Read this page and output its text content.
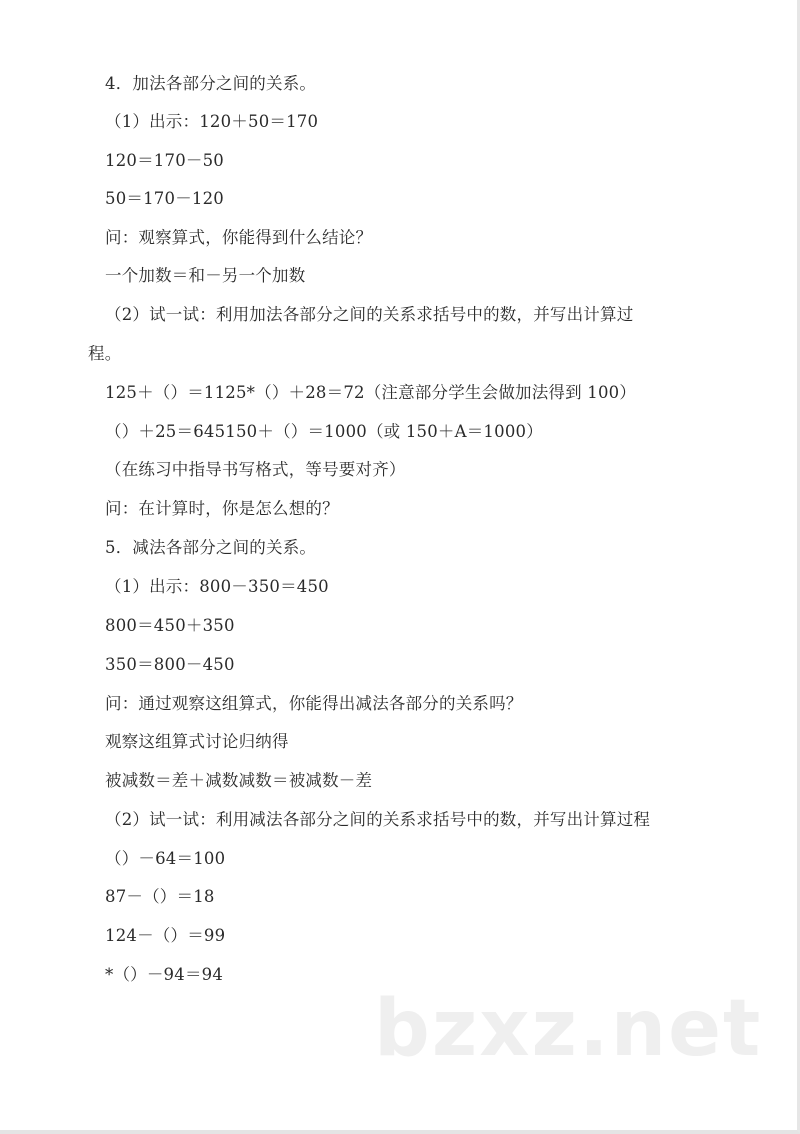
4．加法各部分之间的关系。
（1）出示：120＋50＝170
120＝170－50
50＝170－120
问：观察算式，你能得到什么结论？
一个加数＝和－另一个加数
（2）试一试：利用加法各部分之间的关系求括号中的数，并写出计算过
程。
125＋（）＝1125*（）＋28＝72（注意部分学生会做加法得到 100）
（）＋25＝645150＋（）＝1000（或 150＋A＝1000）
（在练习中指导书写格式，等号要对齐）
问：在计算时，你是怎么想的？
5．减法各部分之间的关系。
（1）出示：800－350＝450
800＝450＋350
350＝800－450
问：通过观察这组算式，你能得出减法各部分的关系吗？
观察这组算式讨论归纳得
被减数＝差＋减数减数＝被减数－差
（2）试一试：利用减法各部分之间的关系求括号中的数，并写出计算过程
（）－64＝100
87－（）＝18
124－（）＝99
*（）－94＝94
bzxz.net
